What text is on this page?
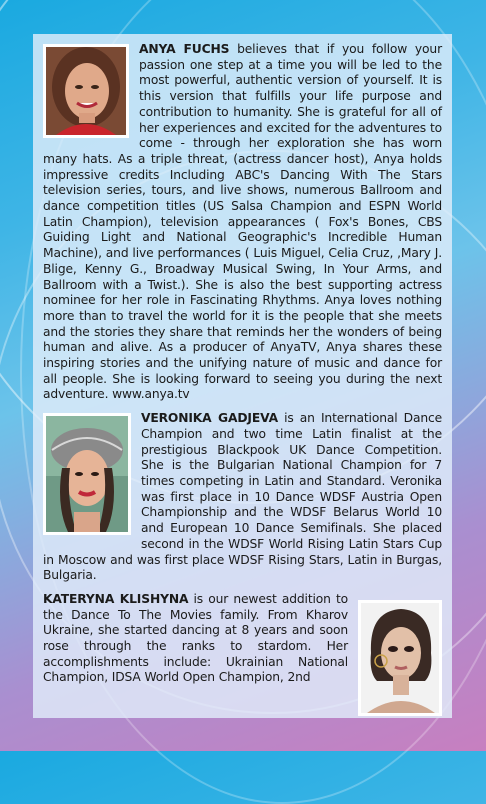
ANYA FUCHS believes that if you follow your passion one step at a time you will be led to the most powerful, authentic version of yourself. It is this version that fulfills your life purpose and contribution to humanity. She is grateful for all of her experiences and excited for the adventures to come - through her exploration she has worn many hats. As a triple threat, (actress dancer host), Anya holds impressive credits Including ABC's Dancing With The Stars television series, tours, and live shows, numerous Ballroom and dance competition titles (US Salsa Champion and ESPN World Latin Champion), television appearances ( Fox's Bones, CBS Guiding Light and National Geographic's Incredible Human Machine), and live performances ( Luis Miguel, Celia Cruz, ,Mary J. Blige, Kenny G., Broadway Musical Swing, In Your Arms, and Ballroom with a Twist.). She is also the best supporting actress nominee for her role in Fascinating Rhythms. Anya loves nothing more than to travel the world for it is the people that she meets and the stories they share that reminds her the wonders of being human and alive. As a producer of AnyaTV, Anya shares these inspiring stories and the unifying nature of music and dance for all people. She is looking forward to seeing you during the next adventure. www.anya.tv

VERONIKA GADJEVA is an International Dance Champion and two time Latin finalist at the prestigious Blackpook UK Dance Competition. She is the Bulgarian National Champion for 7 times competing in Latin and Standard. Veronika was first place in 10 Dance WDSF Austria Open Championship and the WDSF Belarus World 10 and European 10 Dance Semifinals. She placed second in the WDSF World Rising Latin Stars Cup in Moscow and was first place WDSF Rising Stars, Latin in Burgas, Bulgaria.

KATERYNA KLISHYNA is our newest addition to the Dance To The Movies family. From Kharov Ukraine, she started dancing at 8 years and soon rose through the ranks to stardom. Her accomplishments include: Ukrainian National Champion, IDSA World Open Champion, 2nd
